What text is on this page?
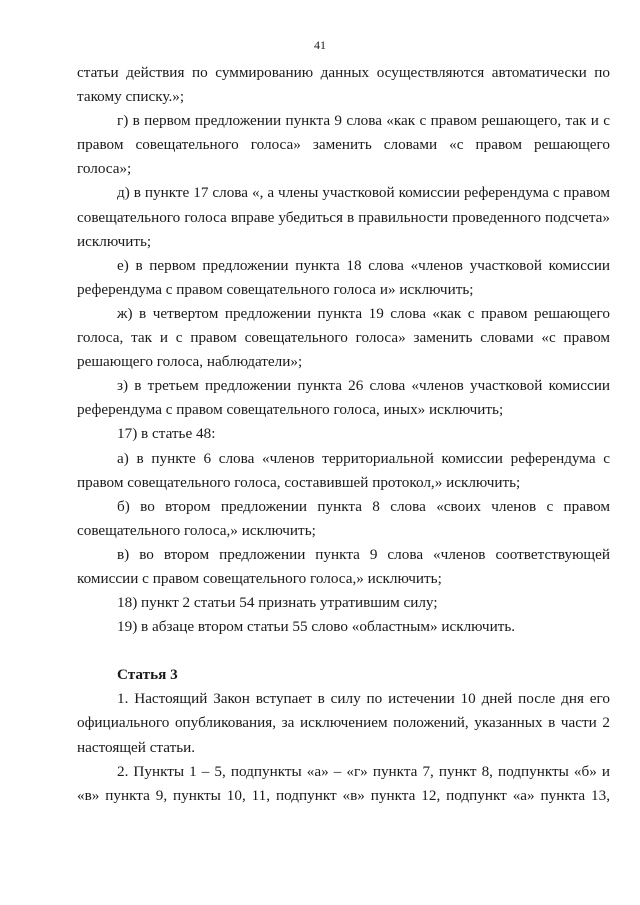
41

статьи действия по суммированию данных осуществляются автоматически по такому списку.»;

г) в первом предложении пункта 9 слова «как с правом решающего, так и с правом совещательного голоса» заменить словами «с правом решающего голоса»;

д) в пункте 17 слова «, а члены участковой комиссии референдума с правом совещательного голоса вправе убедиться в правильности проведенного подсчета» исключить;

е) в первом предложении пункта 18 слова «членов участковой комиссии референдума с правом совещательного голоса и» исключить;

ж) в четвертом предложении пункта 19 слова «как с правом решающего голоса, так и с правом совещательного голоса» заменить словами «с правом решающего голоса, наблюдатели»;

з) в третьем предложении пункта 26 слова «членов участковой комиссии референдума с правом совещательного голоса, иных» исключить;

17) в статье 48:

а) в пункте 6 слова «членов территориальной комиссии референдума с правом совещательного голоса, составившей протокол,» исключить;

б) во втором предложении пункта 8 слова «своих членов с правом совещательного голоса,» исключить;

в) во втором предложении пункта 9 слова «членов соответствующей комиссии с правом совещательного голоса,» исключить;

18) пункт 2 статьи 54 признать утратившим силу;

19) в абзаце втором статьи 55 слово «областным» исключить.

Статья 3

1. Настоящий Закон вступает в силу по истечении 10 дней после дня его официального опубликования, за исключением положений, указанных в части 2 настоящей статьи.

2. Пункты 1 – 5, подпункты «а» – «г» пункта 7, пункт 8, подпункты «б» и «в» пункта 9, пункты 10, 11, подпункт «в» пункта 12, подпункт «а» пункта 13,
